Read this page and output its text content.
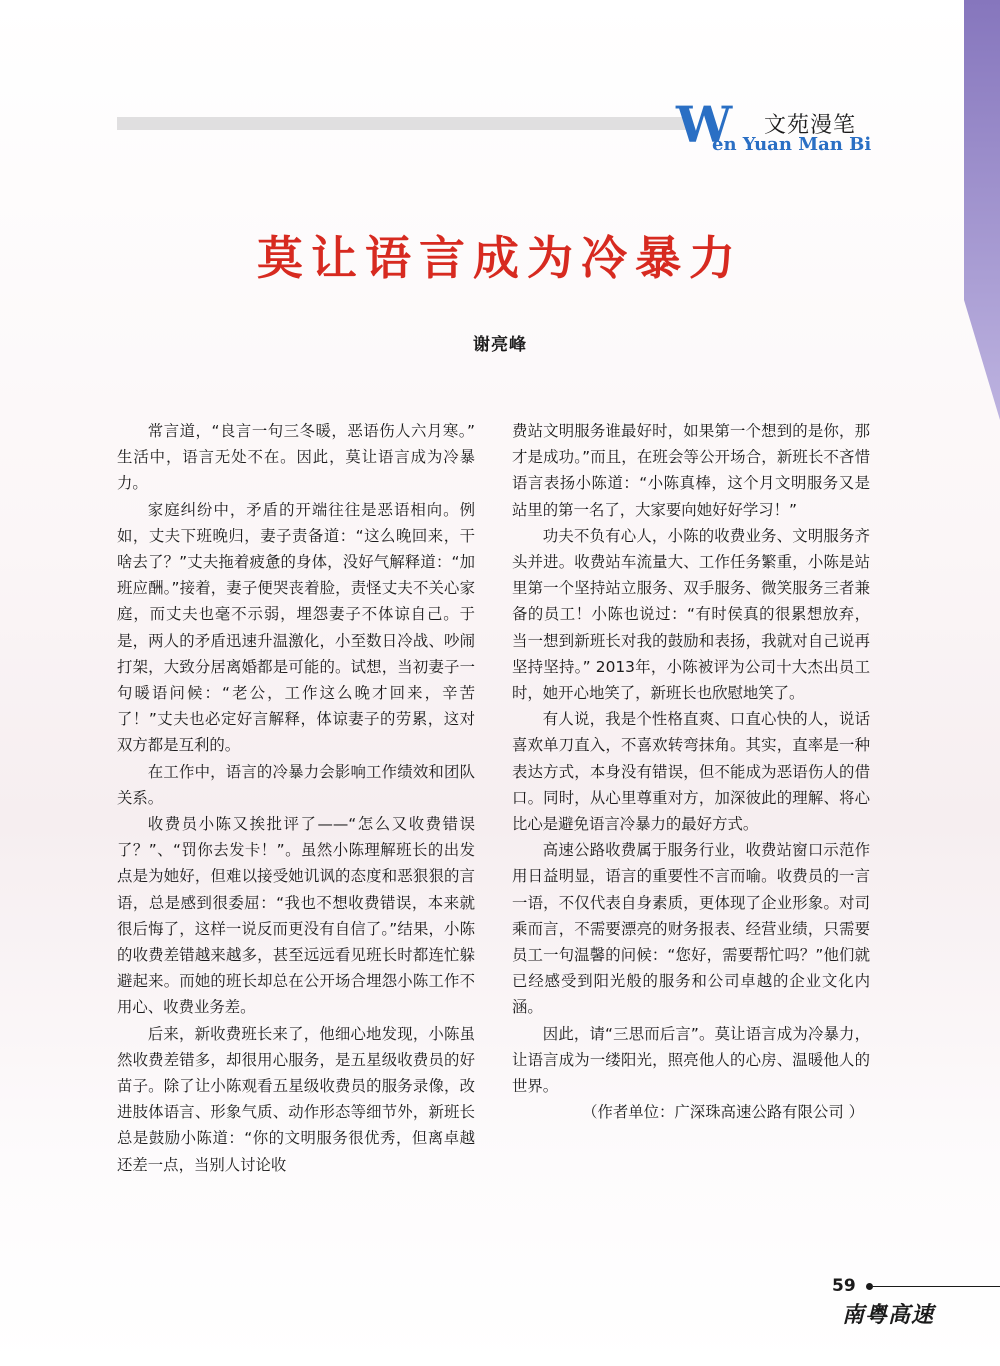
W 文苑漫笔
en Yuan Man Bi
莫让语言成为冷暴力
谢亮峰

常言道，“良言一句三冬暖，恶语伤人六月寒。” 生活中，语言无处不在。因此，莫让语言成为冷暴力。

家庭纠纷中，矛盾的开端往往是恶语相向。例如，丈夫下班晚归，妻子责备道：“这么晚回来，干啥去了？”丈夫拖着疲惫的身体，没好气解释道：“加班应酬。”接着，妻子便哭丧着脸，责怪丈夫不关心家庭，而丈夫也毫不示弱，埋怨妻子不体谅自己。于是，两人的矛盾迅速升温激化，小至数日冷战、吵闹打架，大致分居离婚都是可能的。试想，当初妻子一句暖语问候：“老公，工作这么晚才回来，辛苦了！”丈夫也必定好言解释，体谅妻子的劳累，这对双方都是互利的。

在工作中，语言的冷暴力会影响工作绩效和团队关系。

收费员小陈又挨批评了——“怎么又收费错误了？”、“罚你去发卡！”。虽然小陈理解班长的出发点是为她好，但难以接受她讥讽的态度和恶狠狠的言语，总是感到很委屈：“我也不想收费错误，本来就很后悔了，这样一说反而更没有自信了。”结果，小陈的收费差错越来越多，甚至远远看见班长时都连忙躲避起来。而她的班长却总在公开场合埋怨小陈工作不用心、收费业务差。

后来，新收费班长来了，他细心地发现，小陈虽然收费差错多，却很用心服务，是五星级收费员的好苗子。除了让小陈观看五星级收费员的服务录像，改进肢体语言、形象气质、动作形态等细节外，新班长总是鼓励小陈道：“你的文明服务很优秀，但离卓越还差一点，当别人讨论收

费站文明服务谁最好时，如果第一个想到的是你，那才是成功。”而且，在班会等公开场合，新班长不吝惜语言表扬小陈道：“小陈真棒，这个月文明服务又是站里的第一名了，大家要向她好好学习！”

功夫不负有心人，小陈的收费业务、文明服务齐头并进。收费站车流量大、工作任务繁重，小陈是站里第一个坚持站立服务、双手服务、微笑服务三者兼备的员工！小陈也说过：“有时侯真的很累想放弃，当一想到新班长对我的鼓励和表扬，我就对自己说再坚持坚持。” 2013年，小陈被评为公司十大杰出员工时，她开心地笑了，新班长也欣慰地笑了。

有人说，我是个性格直爽、口直心快的人，说话喜欢单刀直入，不喜欢转弯抹角。其实，直率是一种表达方式，本身没有错误，但不能成为恶语伤人的借口。同时，从心里尊重对方，加深彼此的理解、将心比心是避免语言冷暴力的最好方式。

高速公路收费属于服务行业，收费站窗口示范作用日益明显，语言的重要性不言而喻。收费员的一言一语，不仅代表自身素质，更体现了企业形象。对司乘而言，不需要漂亮的财务报表、经营业绩，只需要员工一句温馨的问候：“您好，需要帮忙吗？”他们就已经感受到阳光般的服务和公司卓越的企业文化内涵。

因此，请“三思而后言”。莫让语言成为冷暴力，让语言成为一缕阳光，照亮他人的心房、温暖他人的世界。

（作者单位：广深珠高速公路有限公司 ）

59
南粤高速
